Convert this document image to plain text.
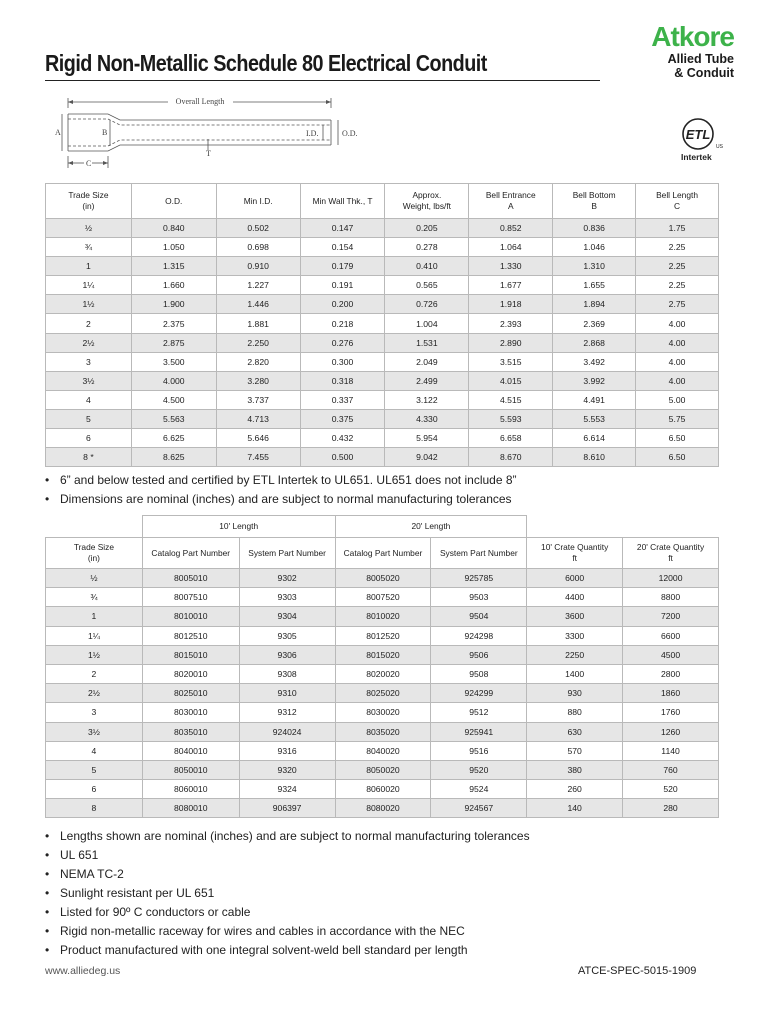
Rigid Non-Metallic Schedule 80 Electrical Conduit
Atkore
Allied Tube
& Conduit
ETL
US
Intertek
Overall Length
A	B	I.D.	O.D.
C
T
Trade Size
(in)	O.D.	Min I.D.	Min Wall Thk., T	Approx.
Weight, lbs/ft	Bell Entrance
A	Bell Bottom
B	Bell Length
C
½	0.840	0.502	0.147	0.205	0.852	0.836	1.75
¾	1.050	0.698	0.154	0.278	1.064	1.046	2.25
1	1.315	0.910	0.179	0.410	1.330	1.310	2.25
1¼	1.660	1.227	0.191	0.565	1.677	1.655	2.25
1½	1.900	1.446	0.200	0.726	1.918	1.894	2.75
2	2.375	1.881	0.218	1.004	2.393	2.369	4.00
2½	2.875	2.250	0.276	1.531	2.890	2.868	4.00
3	3.500	2.820	0.300	2.049	3.515	3.492	4.00
3½	4.000	3.280	0.318	2.499	4.015	3.992	4.00
4	4.500	3.737	0.337	3.122	4.515	4.491	5.00
5	5.563	4.713	0.375	4.330	5.593	5.553	5.75
6	6.625	5.646	0.432	5.954	6.658	6.614	6.50
8 *	8.625	7.455	0.500	9.042	8.670	8.610	6.50
• 6” and below tested and certified by ETL Intertek to UL651. UL651 does not include 8”
• Dimensions are nominal (inches) and are subject to normal manufacturing tolerances
	10' Length		20' Length			
Trade Size
(in)	Catalog Part Number	System Part Number	Catalog Part Number	System Part Number	10' Crate Quantity
ft	20' Crate Quantity
ft
½	8005010	9302	8005020	925785	6000	12000
¾	8007510	9303	8007520	9503	4400	8800
1	8010010	9304	8010020	9504	3600	7200
1¼	8012510	9305	8012520	924298	3300	6600
1½	8015010	9306	8015020	9506	2250	4500
2	8020010	9308	8020020	9508	1400	2800
2½	8025010	9310	8025020	924299	930	1860
3	8030010	9312	8030020	9512	880	1760
3½	8035010	924024	8035020	925941	630	1260
4	8040010	9316	8040020	9516	570	1140
5	8050010	9320	8050020	9520	380	760
6	8060010	9324	8060020	9524	260	520
8	8080010	906397	8080020	924567	140	280
• Lengths shown are nominal (inches) and are subject to normal manufacturing tolerances
• UL 651
• NEMA TC-2
• Sunlight resistant per UL 651
• Listed for 90º C conductors or cable
• Rigid non-metallic raceway for wires and cables in accordance with the NEC
• Product manufactured with one integral solvent-weld bell standard per length
www.alliedeg.us	ATCE-SPEC-5015-1909
